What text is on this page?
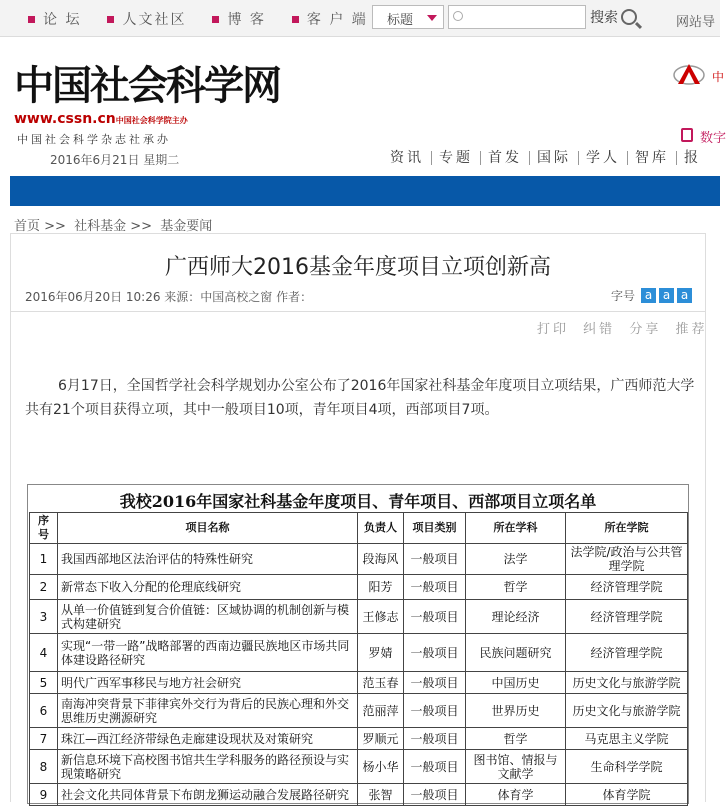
论 坛	人文社区	博 客	客 户 端	标题	搜索	网站导
中国社会科学网
www.cssn.cn中国社会科学院主办
中国社会科学杂志社承办
2016年6月21日 星期二
中
数字
资讯	专题	首发	国际	学人	智库	报
首页 >> 社科基金 >> 基金要闻
广西师大2016基金年度项目立项创新高
2016年06月20日 10:26 来源：中国高校之窗 作者：	字号 a a a
打印 纠错 分享 推荐

6月17日，全国哲学社会科学规划办公室公布了2016年国家社科基金年度项目立项结果，广西师范大学共有21个项目获得立项，其中一般项目10项，青年项目4项，西部项目7项。

我校2016年国家社科基金年度项目、青年项目、西部项目立项名单
序号	项目名称	负责人	项目类别	所在学科	所在学院
1	我国西部地区法治评估的特殊性研究	段海风	一般项目	法学	法学院/政治与公共管理学院
2	新常态下收入分配的伦理底线研究	阳芳	一般项目	哲学	经济管理学院
3	从单一价值链到复合价值链：区域协调的机制创新与模式构建研究	王修志	一般项目	理论经济	经济管理学院
4	实现“一带一路”战略部署的西南边疆民族地区市场共同体建设路径研究	罗婧	一般项目	民族问题研究	经济管理学院
5	明代广西军事移民与地方社会研究	范玉春	一般项目	中国历史	历史文化与旅游学院
6	南海冲突背景下菲律宾外交行为背后的民族心理和外交思维历史溯源研究	范丽萍	一般项目	世界历史	历史文化与旅游学院
7	珠江—西江经济带绿色走廊建设现状及对策研究	罗顺元	一般项目	哲学	马克思主义学院
8	新信息环境下高校图书馆共生学科服务的路径预设与实现策略研究	杨小华	一般项目	图书馆、情报与文献学	生命科学学院
9	社会文化共同体背景下布朗龙狮运动融合发展路径研究	张智	一般项目	体育学	体育学院
